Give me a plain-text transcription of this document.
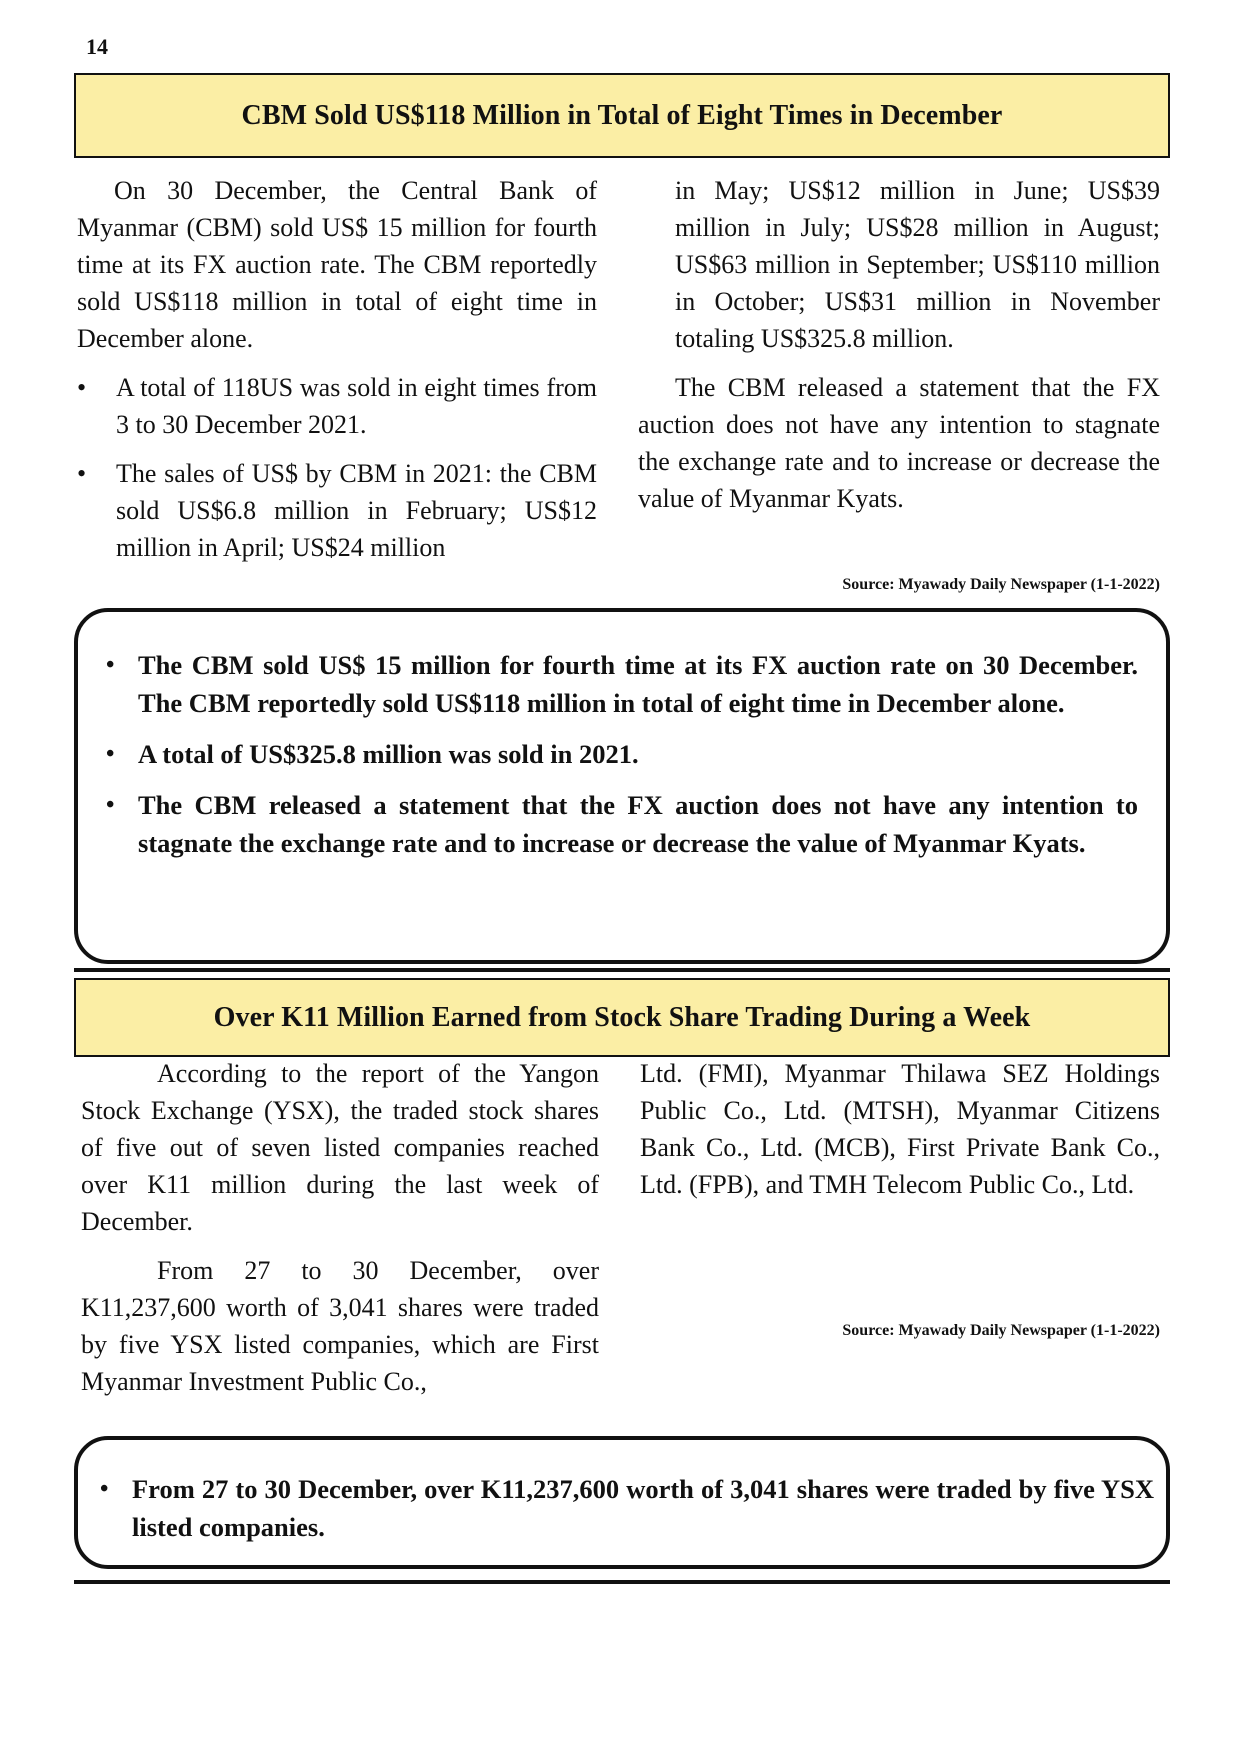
14
CBM Sold US$118 Million in Total of Eight Times in December

On 30 December, the Central Bank of Myanmar (CBM) sold US$ 15 million for fourth time at its FX auction rate. The CBM reportedly sold US$118 million in total of eight time in December alone.

• A total of 118US was sold in eight times from 3 to 30 December 2021.
• The sales of US$ by CBM in 2021: the CBM sold US$6.8 million in February; US$12 million in April; US$24 million

in May; US$12 million in June; US$39 million in July; US$28 million in August; US$63 million in September; US$110 million in October; US$31 million in November totaling US$325.8 million.

The CBM released a statement that the FX auction does not have any intention to stagnate the exchange rate and to increase or decrease the value of Myanmar Kyats.

Source: Myawady Daily Newspaper (1-1-2022)
• The CBM sold US$ 15 million for fourth time at its FX auction rate on 30 December. The CBM reportedly sold US$118 million in total of eight time in December alone.
• A total of US$325.8 million was sold in 2021.
• The CBM released a statement that the FX auction does not have any intention to stagnate the exchange rate and to increase or decrease the value of Myanmar Kyats.
Over K11 Million Earned from Stock Share Trading During a Week

According to the report of the Yangon Stock Exchange (YSX), the traded stock shares of five out of seven listed companies reached over K11 million during the last week of December.

From 27 to 30 December, over K11,237,600 worth of 3,041 shares were traded by five YSX listed companies, which are First Myanmar Investment Public Co.,

Ltd. (FMI), Myanmar Thilawa SEZ Holdings Public Co., Ltd. (MTSH), Myanmar Citizens Bank Co., Ltd. (MCB), First Private Bank Co., Ltd. (FPB), and TMH Telecom Public Co., Ltd.

Source: Myawady Daily Newspaper (1-1-2022)
• From 27 to 30 December, over K11,237,600 worth of 3,041 shares were traded by five YSX listed companies.
